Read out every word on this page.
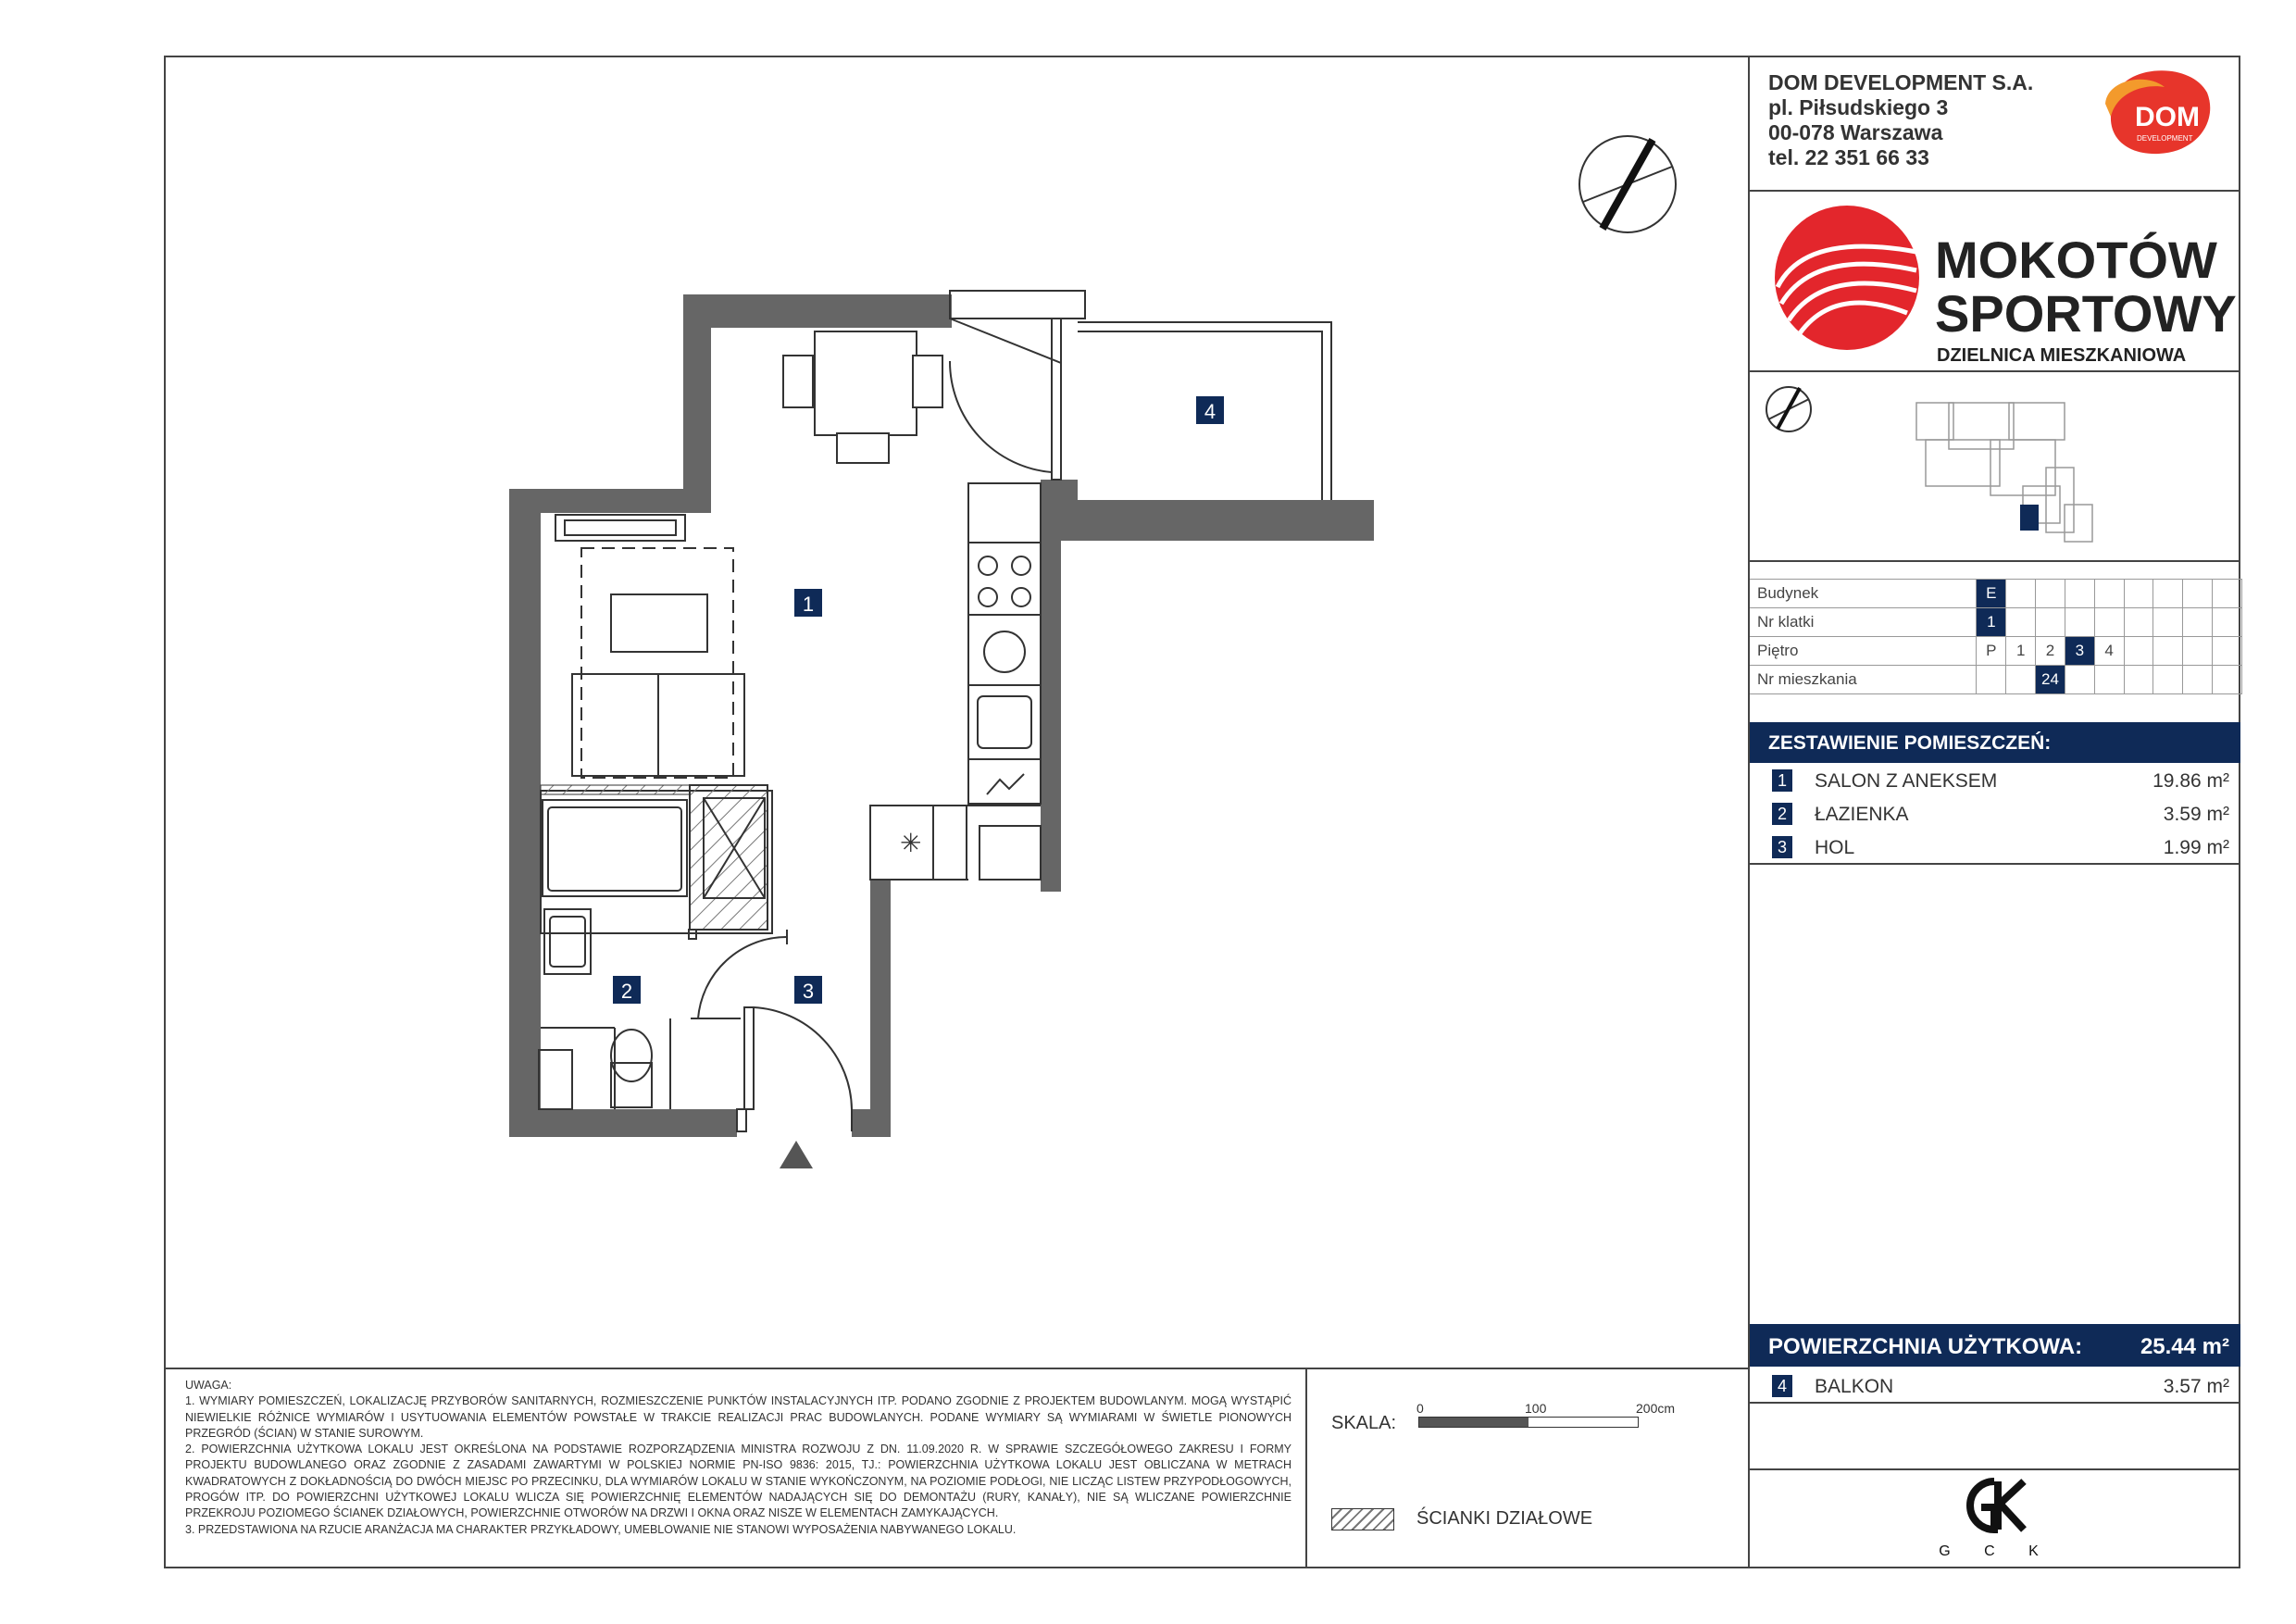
✳
1
2	3
4

UWAGA:

1. WYMIARY POMIESZCZEŃ, LOKALIZACJĘ PRZYBORÓW SANITARNYCH, ROZMIESZCZENIE PUNKTÓW INSTALACYJNYCH ITP. PODANO ZGODNIE Z PROJEKTEM BUDOWLANYM. MOGĄ WYSTĄPIĆ NIEWIELKIE RÓŻNICE WYMIARÓW I USYTUOWANIA ELEMENTÓW POWSTAŁE W TRAKCIE REALIZACJI PRAC BUDOWLANYCH. PODANE WYMIARY SĄ WYMIARAMI W ŚWIETLE PIONOWYCH PRZEGRÓD (ŚCIAN) W STANIE SUROWYM.

2. POWIERZCHNIA UŻYTKOWA LOKALU JEST OKREŚLONA NA PODSTAWIE ROZPORZĄDZENIA MINISTRA ROZWOJU Z DN. 11.09.2020 R. W SPRAWIE SZCZEGÓŁOWEGO ZAKRESU I FORMY PROJEKTU BUDOWLANEGO ORAZ ZGODNIE Z ZASADAMI ZAWARTYMI W POLSKIEJ NORMIE PN-ISO 9836: 2015, TJ.: POWIERZCHNIA UŻYTKOWA LOKALU JEST OBLICZANA W METRACH KWADRATOWYCH Z DOKŁADNOŚCIĄ DO DWÓCH MIEJSC PO PRZECINKU, DLA WYMIARÓW LOKALU W STANIE WYKOŃCZONYM, NA POZIOMIE PODŁOGI, NIE LICZĄC LISTEW PRZYPODŁOGOWYCH, PROGÓW ITP. DO POWIERZCHNI UŻYTKOWEJ LOKALU WLICZA SIĘ POWIERZCHNIĘ ELEMENTÓW NADAJĄCYCH SIĘ DO DEMONTAŻU (RURY, KANAŁY), NIE SĄ WLICZANE POWIERZCHNIE PRZEKROJU POZIOMEGO ŚCIANEK DZIAŁOWYCH, POWIERZCHNIE OTWORÓW NA DRZWI I OKNA ORAZ NISZE W ELEMENTACH ZAMYKAJĄCYCH.

3. PRZEDSTAWIONA NA RZUCIE ARANŻACJA MA CHARAKTER PRZYKŁADOWY, UMEBLOWANIE NIE STANOWI WYPOSAŻENIA NABYWANEGO LOKALU.

SKALA:
0	100	200cm
ŚCIANKI DZIAŁOWE
DOM DEVELOPMENT S.A.
pl. Piłsudskiego 3
00-078 Warszawa
tel. 22 351 66 33
DOM
DEVELOPMENT
MOKOTÓW
SPORTOWY
DZIELNICA MIESZKANIOWA
Budynek	E								
Nr klatki	1								
Piętro	P	1	2	3	4				
Nr mieszkania			24						
ZESTAWIENIE POMIESZCZEŃ:
1 SALON Z ANEKSEM	19.86 m²
2 ŁAZIENKA	3.59 m²
3 HOL	1.99 m²
POWIERZCHNIA UŻYTKOWA:	25.44 m²
4 BALKON	3.57 m²
G C K
